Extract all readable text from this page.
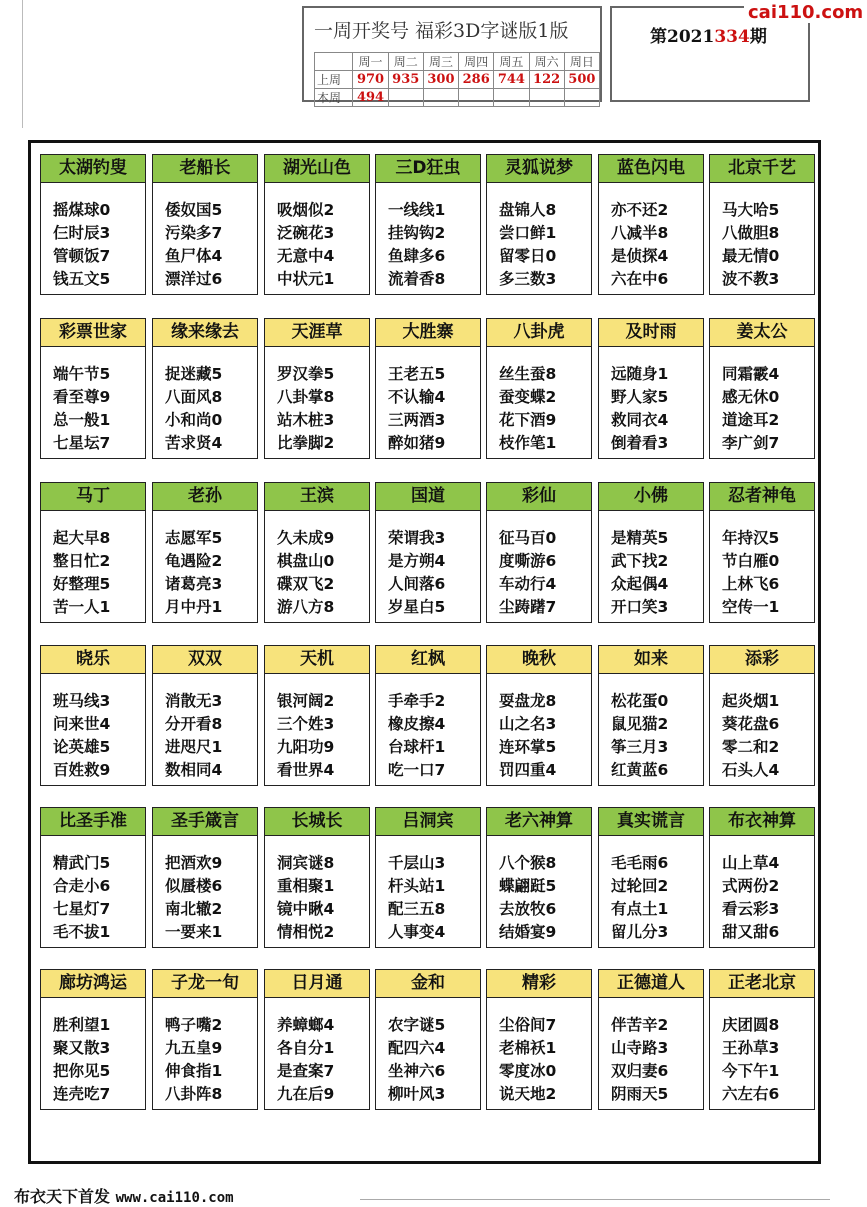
一周开奖号 福彩3D字谜版1版
	周一	周二	周三	周四	周五	周六	周日
上周	970	935	300	286	744	122	500
本周	494						
第2021334期
cai110.com
太湖钓叟
摇煤球0
仨时辰3
管顿饭7
钱五文5
老船长
倭奴国5
污染多7
鱼尸体4
漂洋过6
湖光山色
吸烟似2
泛碗花3
无意中4
中状元1
三D狂虫
一线线1
挂钩钩2
鱼肆多6
流着香8
灵狐说梦
盘锦人8
尝口鲜1
留零日0
多三数3
蓝色闪电
亦不还2
八减半8
是侦探4
六在中6
北京千艺
马大哈5
八做胆8
最无情0
波不教3
彩票世家
端午节5
看至尊9
总一般1
七星坛7
缘来缘去
捉迷藏5
八面风8
小和尚0
苦求贤4
天涯草
罗汉拳5
八卦掌8
站木桩3
比拳脚2
大胜寨
王老五5
不认输4
三两酒3
醉如猪9
八卦虎
丝生蚕8
蚕变蝶2
花下酒9
枝作笔1
及时雨
远随身1
野人家5
救同衣4
倒着看3
姜太公
同霜霰4
感无休0
道途耳2
李广剑7
马丁
起大早8
整日忙2
好整理5
苦一人1
老孙
志愿军5
龟遇险2
诸葛亮3
月中丹1
王滨
久未成9
棋盘山0
碟双飞2
游八方8
国道
荣谓我3
是方朔4
人间落6
岁星白5
彩仙
征马百0
度嘶游6
车动行4
尘踌躇7
小佛
是精英5
武下找2
众起偶4
开口笑3
忍者神龟
年持汉5
节白雁0
上林飞6
空传一1
晓乐
班马线3
问来世4
论英雄5
百姓救9
双双
消散无3
分开看8
进咫尺1
数相同4
天机
银河阔2
三个姓3
九阳功9
看世界4
红枫
手牵手2
橡皮擦4
台球杆1
吃一口7
晚秋
耍盘龙8
山之名3
连环掌5
罚四重4
如来
松花蛋0
鼠见猫2
筝三月3
红黄蓝6
添彩
起炎烟1
葵花盘6
零二和2
石头人4
比圣手准
精武门5
合走小6
七星灯7
毛不拔1
圣手箴言
把酒欢9
似蜃楼6
南北辙2
一要来1
长城长
洞宾谜8
重相聚1
镜中瞅4
情相悦2
吕洞宾
千层山3
杆头站1
配三五8
人事变4
老六神算
八个猴8
蝶翩跹5
去放牧6
结婚宴9
真实谎言
毛毛雨6
过轮回2
有点土1
留儿分3
布衣神算
山上草4
式两份2
看云彩3
甜又甜6
廊坊鸿运
胜利望1
聚又散3
把你见5
连壳吃7
子龙一旬
鸭子嘴2
九五皇9
伸食指1
八卦阵8
日月通
养蟑螂4
各自分1
是查案7
九在后9
金和
农字谜5
配四六4
坐神六6
柳叶风3
精彩
尘俗间7
老棉袄1
零度冰0
说天地2
正德道人
伴苦辛2
山寺路3
双归妻6
阴雨天5
正老北京
庆团圆8
王孙草3
今下午1
六左右6
布衣天下首发 www.cai110.com
